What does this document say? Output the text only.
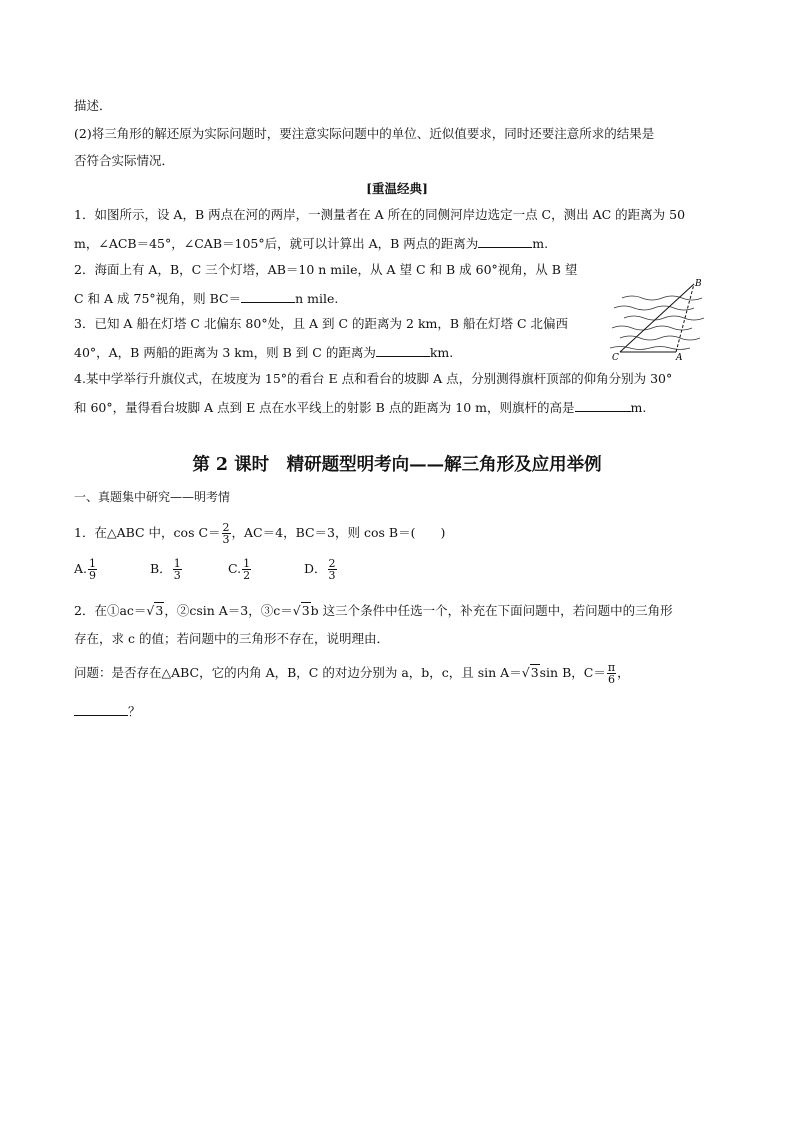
描述．
(2)将三角形的解还原为实际问题时，要注意实际问题中的单位、近似值要求，同时还要注意所求的结果是
否符合实际情况．
[重温经典]
1．如图所示，设 A，B 两点在河的两岸，一测量者在 A 所在的同侧河岸边选定一点 C，测出 AC 的距离为 50
m，∠ACB＝45°，∠CAB＝105°后，就可以计算出 A，B 两点的距离为	m.
2．海面上有 A，B，C 三个灯塔，AB＝10 n mile，从 A 望 C 和 B 成 60°视角，从 B 望
C 和 A 成 75°视角，则 BC＝	n mile.
3．已知 A 船在灯塔 C 北偏东 80°处，且 A 到 C 的距离为 2 km，B 船在灯塔 C 北偏西
40°，A，B 两船的距离为 3 km，则 B 到 C 的距离为	km.
4.某中学举行升旗仪式，在坡度为 15°的看台 E 点和看台的坡脚 A 点，分别测得旗杆顶部的仰角分别为 30°
和 60°，量得看台坡脚 A 点到 E 点在水平线上的射影 B 点的距离为 10 m，则旗杆的高是	m.
B
C	A
第 2 课时　精研题型明考向——解三角形及应用举例
一、真题集中研究——明考情
1．在△ABC 中，$\cos C= \frac{2}{3}$ ，AC＝4，BC＝3，则 cos B＝(　　)
A. $\frac{1}{9}$	B． $\frac{1}{3}$	C. $\frac{1}{2}$	D． $\frac{2}{3}$
2．在①ac＝√3，②csin A＝3，③c＝√3b 这三个条件中任选一个，补充在下面问题中，若问题中的三角形
存在，求 c 的值；若问题中的三角形不存在，说明理由．
问题：是否存在△ABC，它的内角 A，B，C 的对边分别为 a，b，c，且 sin A＝√3sin B，$C= \frac{\pi}{6}$ ，
？
